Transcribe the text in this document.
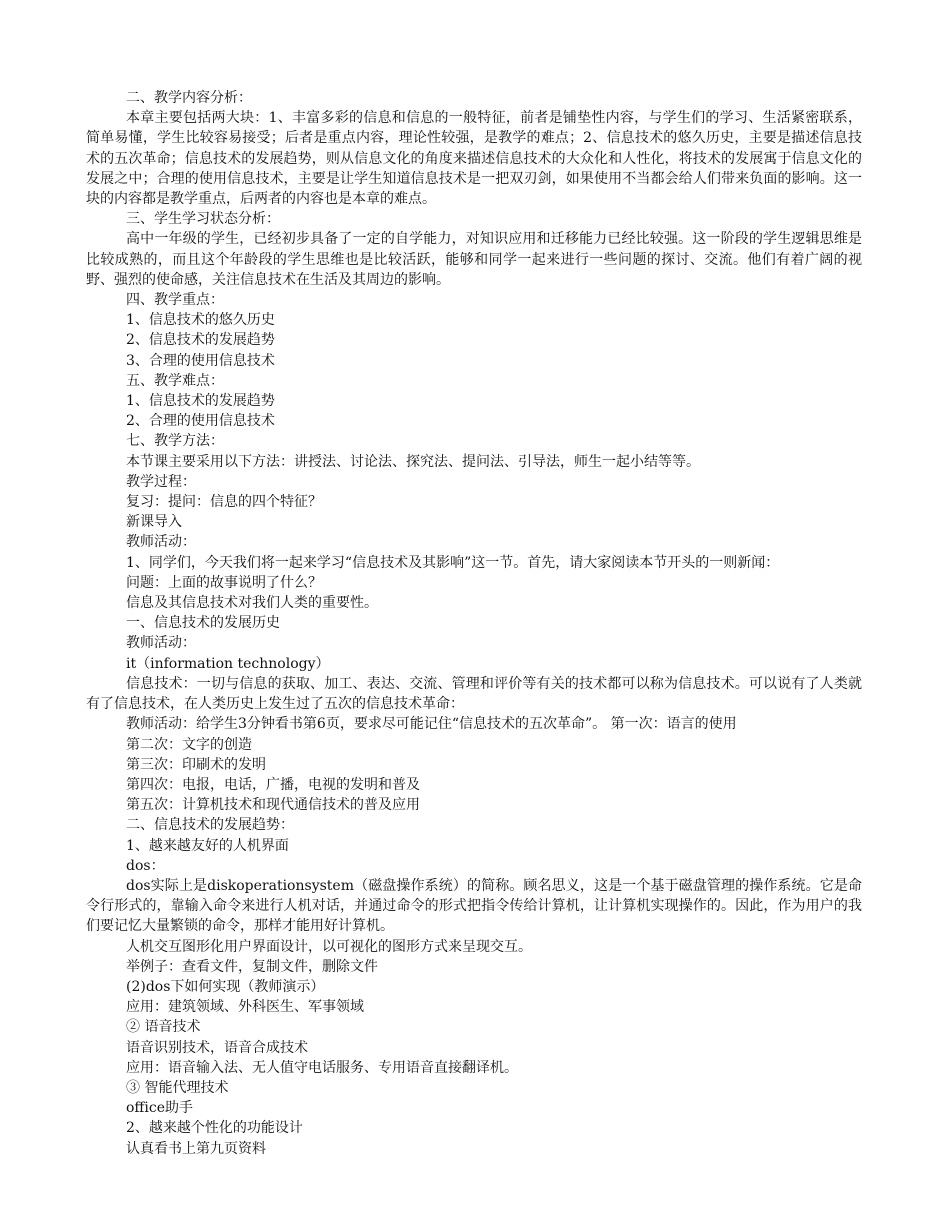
二、教学内容分析：

本章主要包括两大块：1、丰富多彩的信息和信息的一般特征，前者是铺垫性内容，与学生们的学习、生活紧密联系，简单易懂，学生比较容易接受；后者是重点内容，理论性较强，是教学的难点；2、信息技术的悠久历史，主要是描述信息技术的五次革命；信息技术的发展趋势，则从信息文化的角度来描述信息技术的大众化和人性化，将技术的发展寓于信息文化的发展之中；合理的使用信息技术，主要是让学生知道信息技术是一把双刃剑，如果使用不当都会给人们带来负面的影响。这一块的内容都是教学重点，后两者的内容也是本章的难点。

三、学生学习状态分析：

高中一年级的学生，已经初步具备了一定的自学能力，对知识应用和迁移能力已经比较强。这一阶段的学生逻辑思维是比较成熟的，而且这个年龄段的学生思维也是比较活跃，能够和同学一起来进行一些问题的探讨、交流。他们有着广阔的视野、强烈的使命感，关注信息技术在生活及其周边的影响。

四、教学重点：

1、信息技术的悠久历史

2、信息技术的发展趋势

3、合理的使用信息技术

五、教学难点：

1、信息技术的发展趋势

2、合理的使用信息技术

七、教学方法：

本节课主要采用以下方法：讲授法、讨论法、探究法、提问法、引导法，师生一起小结等等。

教学过程：

复习：提问：信息的四个特征？

新课导入

教师活动：

1、同学们，今天我们将一起来学习“信息技术及其影响”这一节。首先，请大家阅读本节开头的一则新闻：

问题：上面的故事说明了什么？

信息及其信息技术对我们人类的重要性。

一、信息技术的发展历史

教师活动：

it（information technology）

信息技术：一切与信息的获取、加工、表达、交流、管理和评价等有关的技术都可以称为信息技术。可以说有了人类就有了信息技术，在人类历史上发生过了五次的信息技术革命：

教师活动：给学生3分钟看书第6页，要求尽可能记住“信息技术的五次革命”。 第一次：语言的使用

第二次：文字的创造

第三次：印刷术的发明

第四次：电报，电话，广播，电视的发明和普及

第五次：计算机技术和现代通信技术的普及应用

二、信息技术的发展趋势：

1、越来越友好的人机界面

dos：

dos实际上是diskoperationsystem（磁盘操作系统）的简称。顾名思义，这是一个基于磁盘管理的操作系统。它是命令行形式的，靠输入命令来进行人机对话，并通过命令的形式把指令传给计算机，让计算机实现操作的。因此，作为用户的我们要记忆大量繁锁的命令，那样才能用好计算机。

人机交互图形化用户界面设计，以可视化的图形方式来呈现交互。

举例子：查看文件，复制文件，删除文件

(2)dos下如何实现（教师演示）

应用：建筑领域、外科医生、军事领域

② 语音技术

语音识别技术，语音合成技术

应用：语音输入法、无人值守电话服务、专用语音直接翻译机。

③ 智能代理技术

office助手

2、越来越个性化的功能设计

认真看书上第九页资料
